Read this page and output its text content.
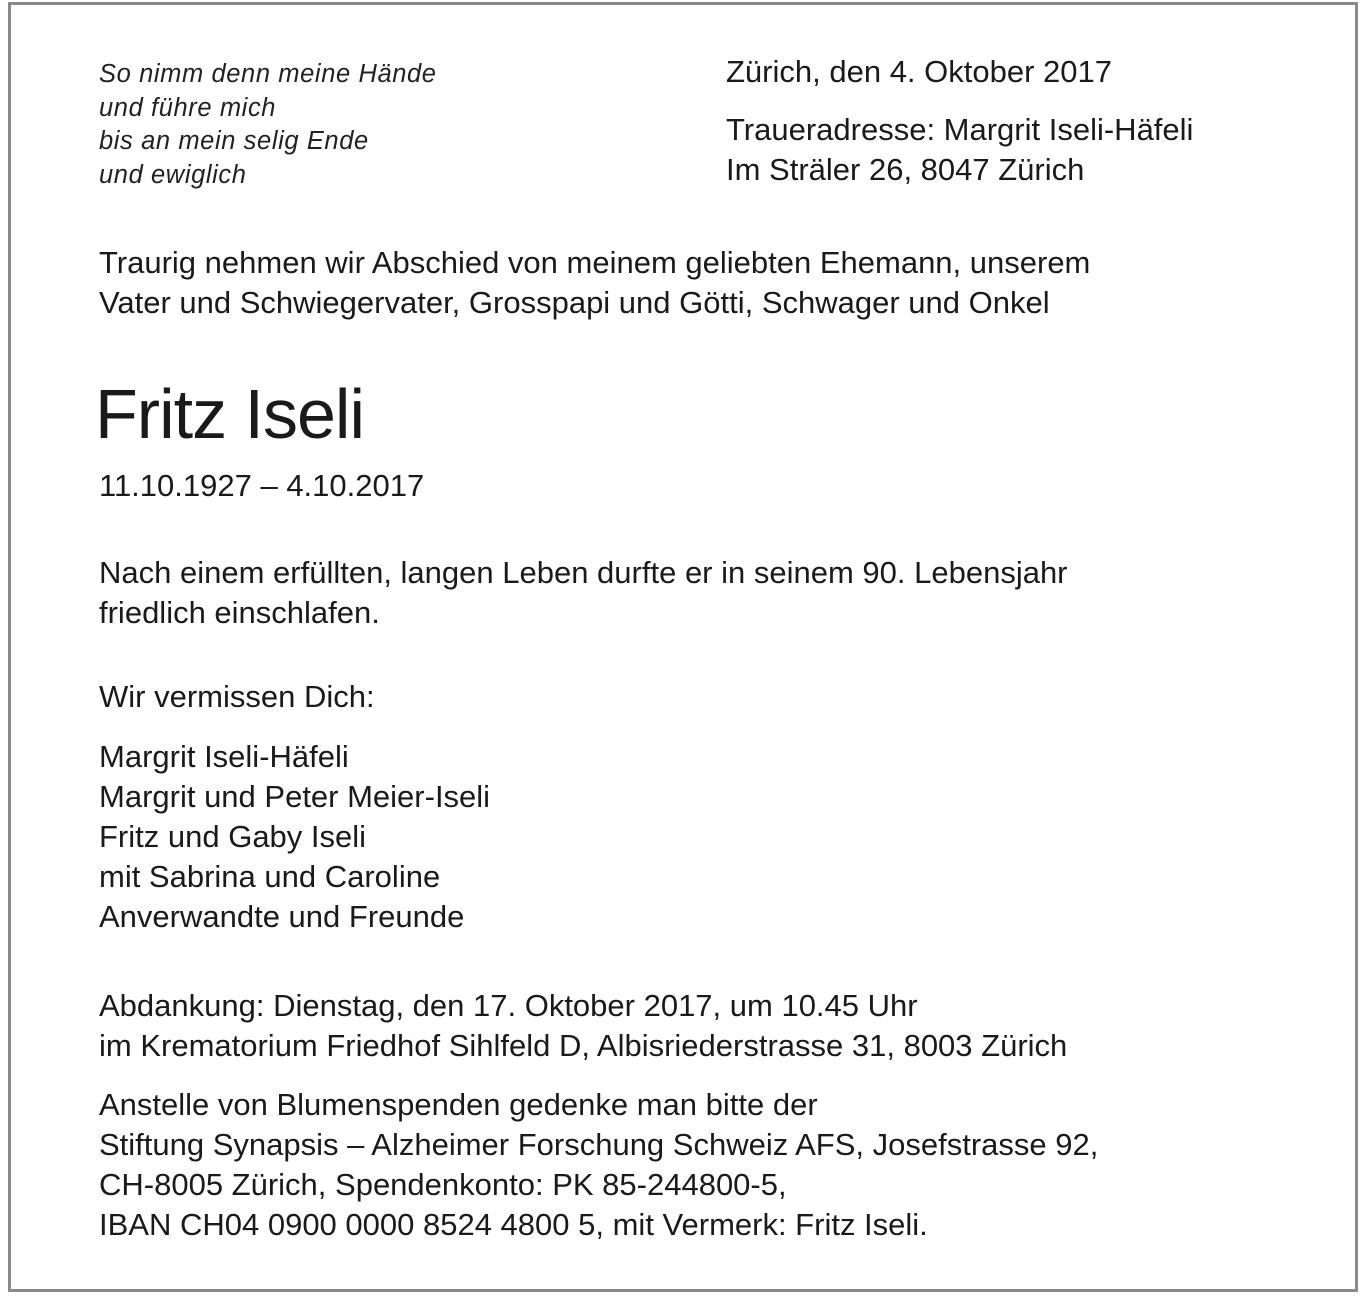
So nimm denn meine Hände
und führe mich
bis an mein selig Ende
und ewiglich
Zürich, den 4. Oktober 2017
Traueradresse: Margrit Iseli-Häfeli
Im Sträler 26, 8047 Zürich
Traurig nehmen wir Abschied von meinem geliebten Ehemann, unserem
Vater und Schwiegervater, Grosspapi und Götti, Schwager und Onkel
Fritz Iseli
11.10.1927 – 4.10.2017
Nach einem erfüllten, langen Leben durfte er in seinem 90. Lebensjahr
friedlich einschlafen.
Wir vermissen Dich:
Margrit Iseli-Häfeli
Margrit und Peter Meier-Iseli
Fritz und Gaby Iseli
mit Sabrina und Caroline
Anverwandte und Freunde
Abdankung: Dienstag, den 17. Oktober 2017, um 10.45 Uhr
im Krematorium Friedhof Sihlfeld D, Albisriederstrasse 31, 8003 Zürich
Anstelle von Blumenspenden gedenke man bitte der
Stiftung Synapsis – Alzheimer Forschung Schweiz AFS, Josefstrasse 92,
CH-8005 Zürich, Spendenkonto: PK 85-244800-5,
IBAN CH04 0900 0000 8524 4800 5, mit Vermerk: Fritz Iseli.
